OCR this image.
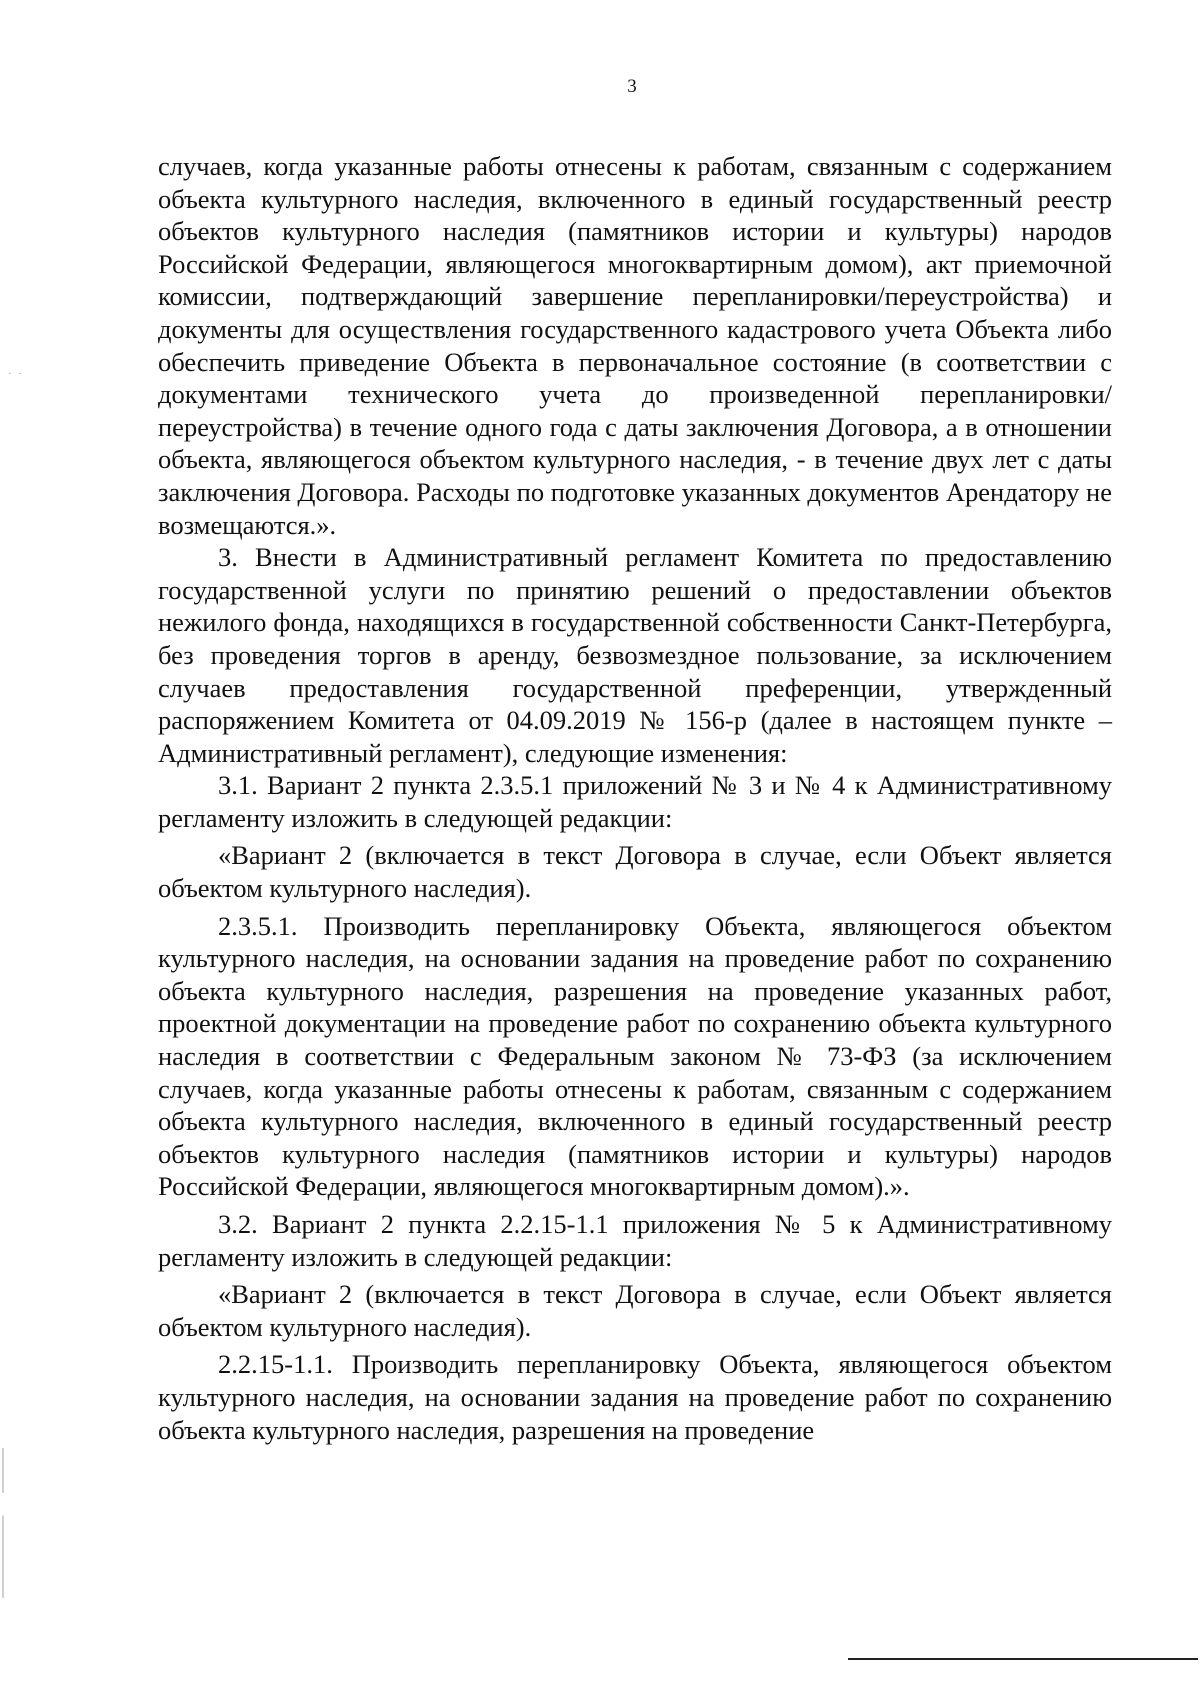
3

случаев, когда указанные работы отнесены к работам, связанным с содержанием объекта культурного наследия, включенного в единый государственный реестр объектов культурного наследия (памятников истории и культуры) народов Российской Федерации, являющегося многоквартирным домом), акт приемочной комиссии, подтверждающий завершение перепланировки/переустройства) и документы для осуществления государственного кадастрового учета Объекта либо обеспечить приведение Объекта в первоначальное состояние (в соответствии с документами технического учета до произведенной перепланировки/переустройства) в течение одного года с даты заключения Договора, а в отношении объекта, являющегося объектом культурного наследия, - в течение двух лет с даты заключения Договора. Расходы по подготовке указанных документов Арендатору не возмещаются.».

3. Внести в Административный регламент Комитета по предоставлению государственной услуги по принятию решений о предоставлении объектов нежилого фонда, находящихся в государственной собственности Санкт-Петербурга, без проведения торгов в аренду, безвозмездное пользование, за исключением случаев предоставления государственной преференции, утвержденный распоряжением Комитета от 04.09.2019 № 156-р (далее в настоящем пункте – Административный регламент), следующие изменения:

3.1. Вариант 2 пункта 2.3.5.1 приложений № 3 и № 4 к Административному регламенту изложить в следующей редакции:

«Вариант 2 (включается в текст Договора в случае, если Объект является объектом культурного наследия).

2.3.5.1. Производить перепланировку Объекта, являющегося объектом культурного наследия, на основании задания на проведение работ по сохранению объекта культурного наследия, разрешения на проведение указанных работ, проектной документации на проведение работ по сохранению объекта культурного наследия в соответствии с Федеральным законом № 73-ФЗ (за исключением случаев, когда указанные работы отнесены к работам, связанным с содержанием объекта культурного наследия, включенного в единый государственный реестр объектов культурного наследия (памятников истории и культуры) народов Российской Федерации, являющегося многоквартирным домом).».

3.2. Вариант 2 пункта 2.2.15-1.1 приложения № 5 к Административному регламенту изложить в следующей редакции:

«Вариант 2 (включается в текст Договора в случае, если Объект является объектом культурного наследия).

2.2.15-1.1. Производить перепланировку Объекта, являющегося объектом культурного наследия, на основании задания на проведение работ по сохранению объекта культурного наследия, разрешения на проведение

· ·
